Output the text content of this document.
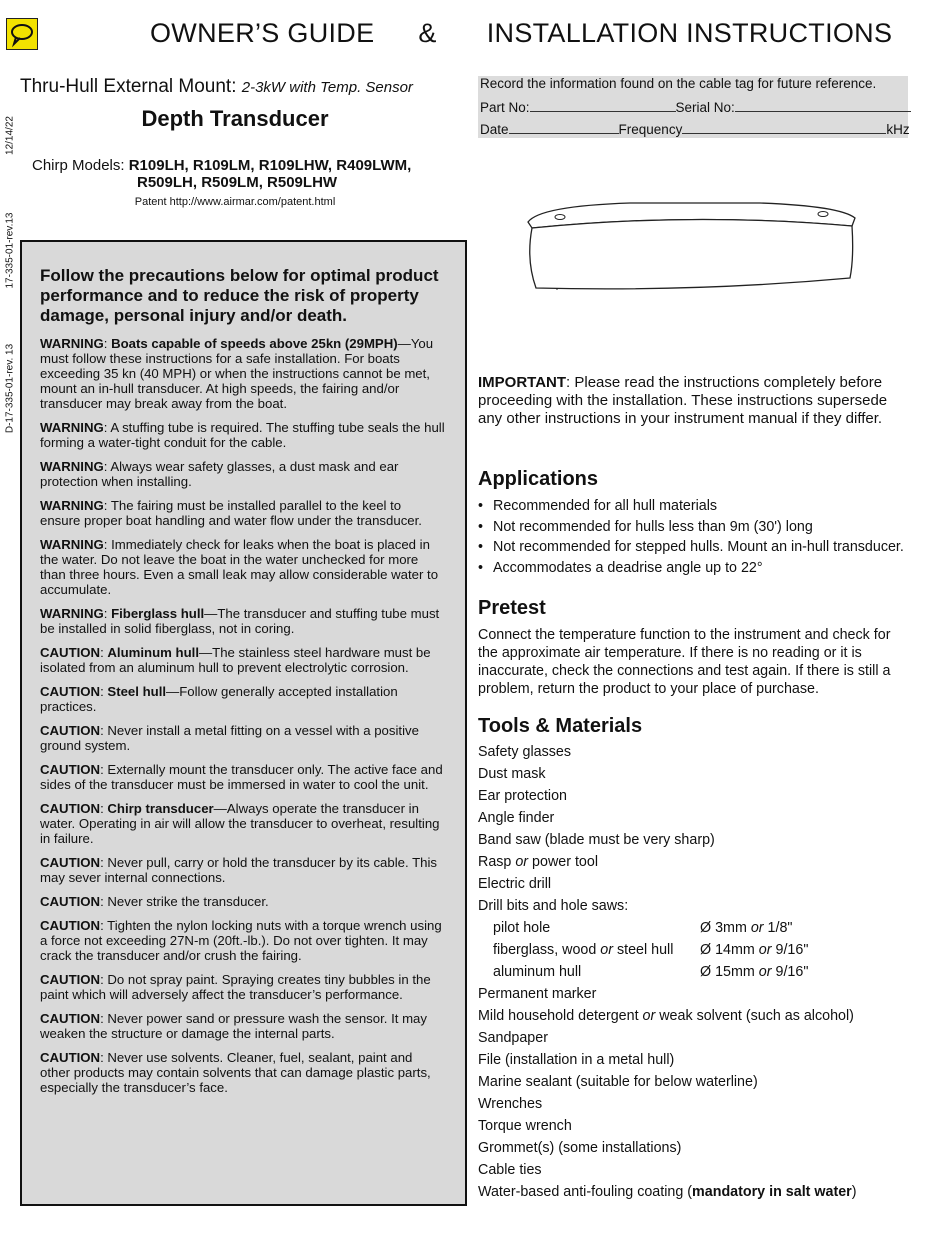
OWNER’S GUIDE & INSTALLATION INSTRUCTIONS
12/14/22
17-335-01-rev.13
D-17-335-01-rev. 13
Thru-Hull External Mount: 2-3kW with Temp. Sensor
Depth Transducer
Chirp Models: R109LH, R109LM, R109LHW, R409LWM,
R509LH, R509LM, R509LHW
Patent http://www.airmar.com/patent.html
Follow the precautions below for optimal product performance and to reduce the risk of property damage, personal injury and/or death.
WARNING: Boats capable of speeds above 25kn (29MPH)—You must follow these instructions for a safe installation. For boats exceeding 35 kn (40 MPH) or when the instructions cannot be met, mount an in-hull transducer. At high speeds, the fairing and/or transducer may break away from the boat.
WARNING: A stuffing tube is required. The stuffing tube seals the hull forming a water-tight conduit for the cable.
WARNING: Always wear safety glasses, a dust mask and ear protection when installing.
WARNING: The fairing must be installed parallel to the keel to ensure proper boat handling and water flow under the transducer.
WARNING: Immediately check for leaks when the boat is placed in the water. Do not leave the boat in the water unchecked for more than three hours. Even a small leak may allow considerable water to accumulate.
WARNING: Fiberglass hull—The transducer and stuffing tube must be installed in solid fiberglass, not in coring.
CAUTION: Aluminum hull—The stainless steel hardware must be isolated from an aluminum hull to prevent electrolytic corrosion.
CAUTION: Steel hull—Follow generally accepted installation practices.
CAUTION: Never install a metal fitting on a vessel with a positive ground system.
CAUTION: Externally mount the transducer only. The active face and sides of the transducer must be immersed in water to cool the unit.
CAUTION: Chirp transducer—Always operate the transducer in water. Operating in air will allow the transducer to overheat, resulting in failure.
CAUTION: Never pull, carry or hold the transducer by its cable. This may sever internal connections.
CAUTION: Never strike the transducer.
CAUTION: Tighten the nylon locking nuts with a torque wrench using a force not exceeding 27N-m (20ft.-lb.). Do not over tighten. It may crack the transducer and/or crush the fairing.
CAUTION: Do not spray paint. Spraying creates tiny bubbles in the paint which will adversely affect the transducer’s performance.
CAUTION: Never power sand or pressure wash the sensor. It may weaken the structure or damage the internal parts.
CAUTION: Never use solvents. Cleaner, fuel, sealant, paint and other products may contain solvents that can damage plastic parts, especially the transducer’s face.
Record the information found on the cable tag for future reference.
Part No:	Serial No:
Date	Frequency	kHz
IMPORTANT: Please read the instructions completely before proceeding with the installation. These instructions supersede any other instructions in your instrument manual if they differ.
Applications
• Recommended for all hull materials
• Not recommended for hulls less than 9m (30') long
• Not recommended for stepped hulls. Mount an in-hull transducer.
• Accommodates a deadrise angle up to 22°
Pretest
Connect the temperature function to the instrument and check for the approximate air temperature. If there is no reading or it is inaccurate, check the connections and test again. If there is still a problem, return the product to your place of purchase.
Tools & Materials
Safety glasses
Dust mask
Ear protection
Angle finder
Band saw (blade must be very sharp)
Rasp or power tool
Electric drill
Drill bits and hole saws:
pilot hole	Ø 3mm or 1/8"
fiberglass, wood or steel hull Ø 14mm or 9/16"
aluminum hull	Ø 15mm or 9/16"
Permanent marker
Mild household detergent or weak solvent (such as alcohol)
Sandpaper
File (installation in a metal hull)
Marine sealant (suitable for below waterline)
Wrenches
Torque wrench
Grommet(s) (some installations)
Cable ties
Water-based anti-fouling coating (mandatory in salt water)
